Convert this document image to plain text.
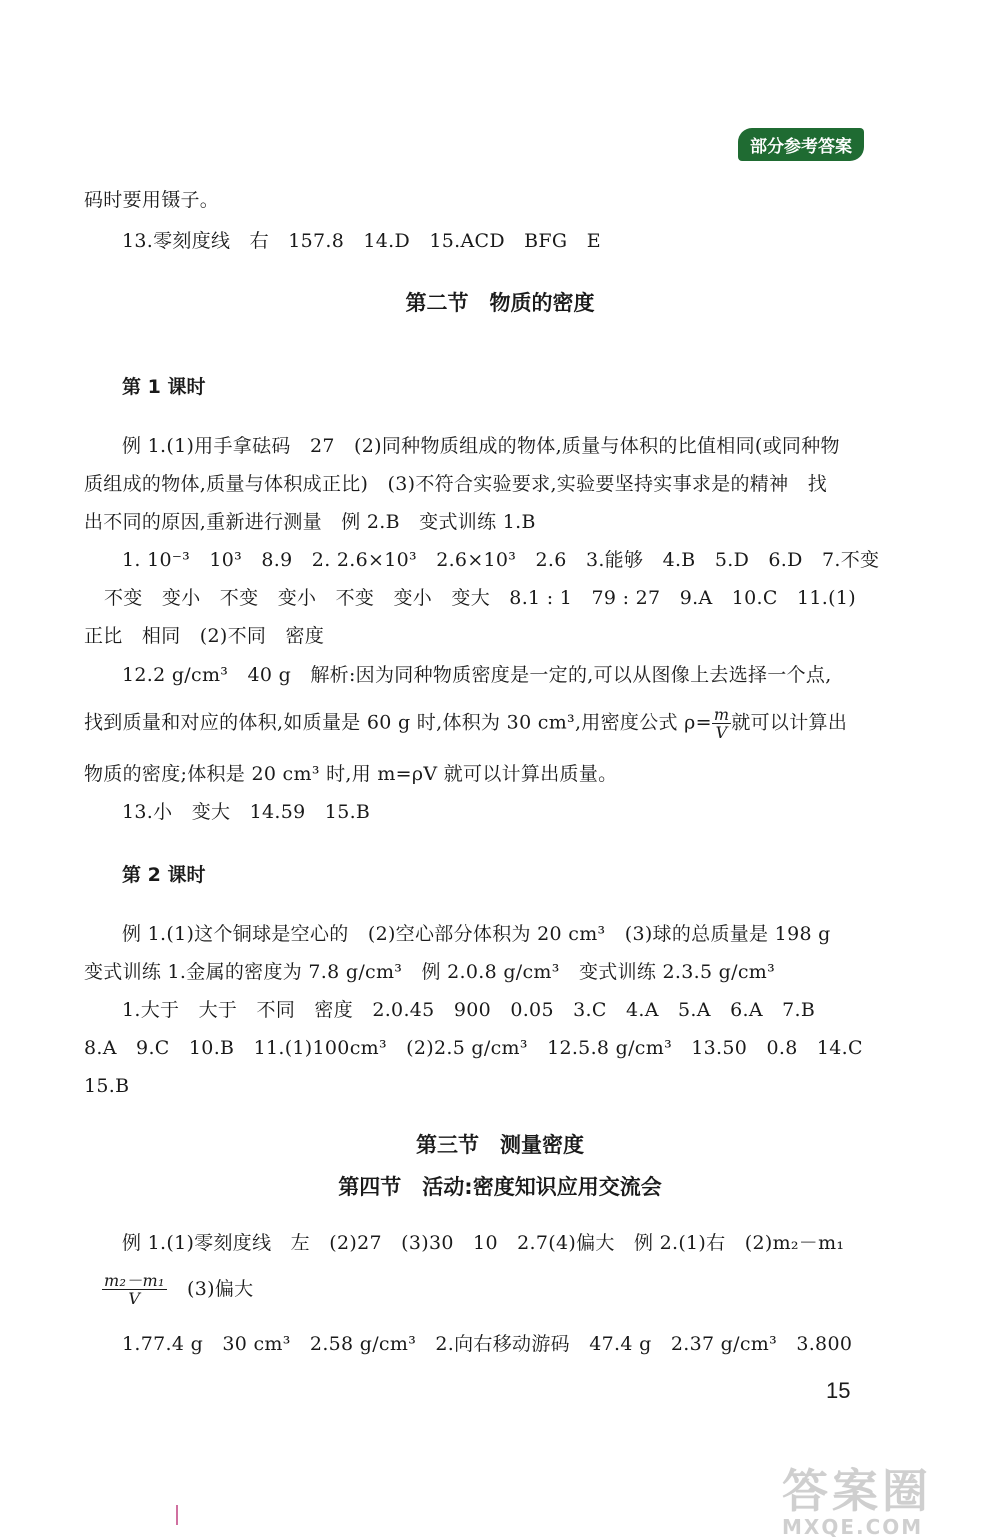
部分参考答案
码时要用镊子。
13.零刻度线　右　157.8　14.D　15.ACD　BFG　E
第二节　物质的密度
第 1 课时
例 1.(1)用手拿砝码　27　(2)同种物质组成的物体,质量与体积的比值相同(或同种物
质组成的物体,质量与体积成正比)　(3)不符合实验要求,实验要坚持实事求是的精神　找
出不同的原因,重新进行测量　例 2.B　变式训练 1.B
1. 10⁻³　10³　8.9　2. 2.6×10³　2.6×10³　2.6　3.能够　4.B　5.D　6.D　7.不变
不变　变小　不变　变小　不变　变小　变大　8.1 : 1　79 : 27　9.A　10.C　11.(1)
正比　相同　(2)不同　密度
12.2 g/cm³　40 g　解析:因为同种物质密度是一定的,可以从图像上去选择一个点,
找到质量和对应的体积,如质量是 60 g 时,体积为 30 cm³,用密度公式 $\rho= \frac{m}{V}$ 就可以计算出
物质的密度;体积是 20 cm³ 时,用 m=ρV 就可以计算出质量。
13.小　变大　14.59　15.B
第 2 课时
例 1.(1)这个铜球是空心的　(2)空心部分体积为 20 cm³　(3)球的总质量是 198 g
变式训练 1.金属的密度为 7.8 g/cm³　例 2.0.8 g/cm³　变式训练 2.3.5 g/cm³
1.大于　大于　不同　密度　2.0.45　900　0.05　3.C　4.A　5.A　6.A　7.B
8.A　9.C　10.B　11.(1)100cm³　(2)2.5 g/cm³　12.5.8 g/cm³　13.50　0.8　14.C
15.B
第三节　测量密度
第四节　活动:密度知识应用交流会
例 1.(1)零刻度线　左　(2)27　(3)30　10　2.7(4)偏大　例 2.(1)右　(2)m₂－m₁
$\frac{\text{m₂－m₁}}{V} (3)$偏大
1.77.4 g　30 cm³　2.58 g/cm³　2.向右移动游码　47.4 g　2.37 g/cm³　3.800
15
答案圈
MXQE.COM
